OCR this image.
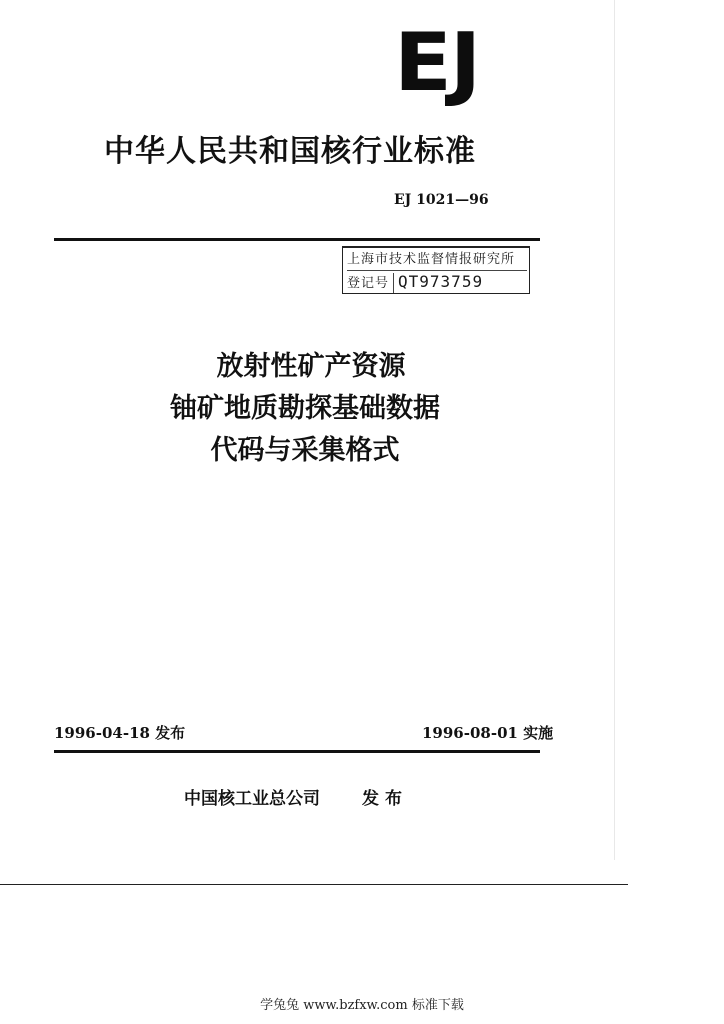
EJ
中华人民共和国核行业标准
EJ 1021—96
上海市技术监督情报研究所
登记号 QT973759
放射性矿产资源
铀矿地质勘探基础数据
代码与采集格式
1996-04-18 发布	1996-08-01 实施
中国核工业总公司 发布
学兔兔 www.bzfxw.com 标准下载
